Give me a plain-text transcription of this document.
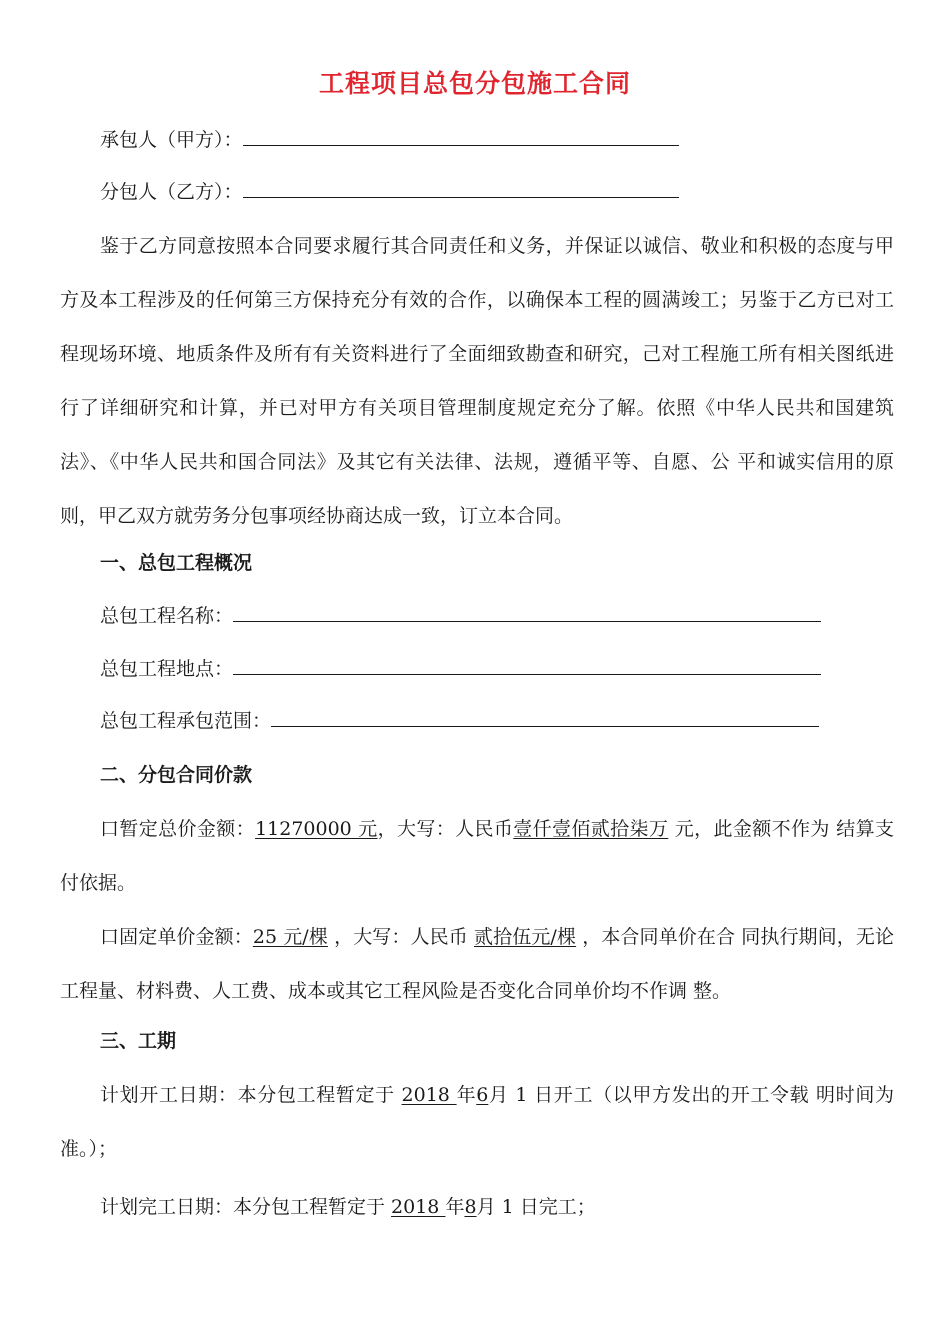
工程项目总包分包施工合同
承包人（甲方）：
分包人（乙方）：
鉴于乙方同意按照本合同要求履行其合同责任和义务，并保证以诚信、敬业和积极的态度与甲方及本工程涉及的任何第三方保持充分有效的合作，以确保本工程的圆满竣工；另鉴于乙方已对工程现场环境、地质条件及所有有关资料进行了全面细致勘查和研究，己对工程施工所有相关图纸进行了详细研究和计算，并已对甲方有关项目管理制度规定充分了解。依照《中华人民共和国建筑法》、《中华人民共和国合同法》及其它有关法律、法规，遵循平等、自愿、公 平和诚实信用的原则，甲乙双方就劳务分包事项经协商达成一致，订立本合同。
一、总包工程概况
总包工程名称：
总包工程地点：
总包工程承包范围：
二、分包合同价款
口暂定总价金额：11270000 元，大写：人民币壹仟壹佰贰拾柒万 元，此金额不作为 结算支付依据。
口固定单价金额：25 元/棵 ，大写：人民币 贰拾伍元/棵 ，本合同单价在合 同执行期间，无论工程量、材料费、人工费、成本或其它工程风险是否变化合同单价均不作调 整。
三、工期
计划开工日期：本分包工程暂定于 2018 年6月 1 日开工（以甲方发出的开工令载 明时间为准。）；
计划完工日期：本分包工程暂定于 2018 年8月 1 日完工；
